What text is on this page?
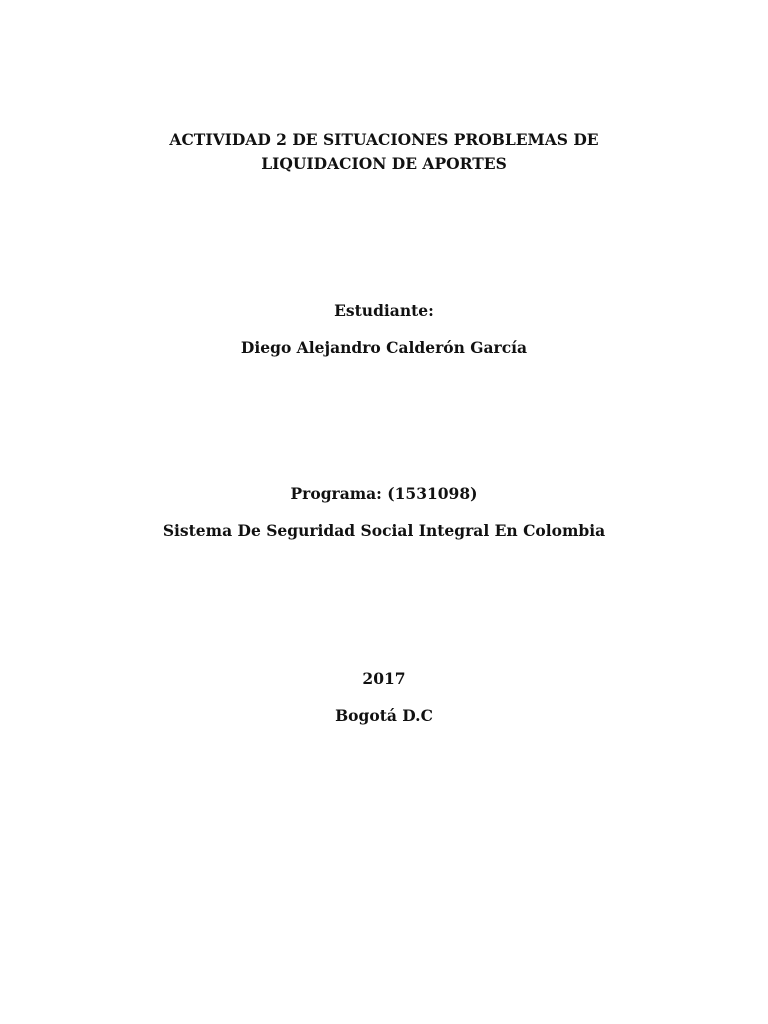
ACTIVIDAD 2 DE SITUACIONES PROBLEMAS DE
LIQUIDACION DE APORTES
Estudiante:
Diego Alejandro Calderón García
Programa: (1531098)
Sistema De Seguridad Social Integral En Colombia
2017
Bogotá D.C
